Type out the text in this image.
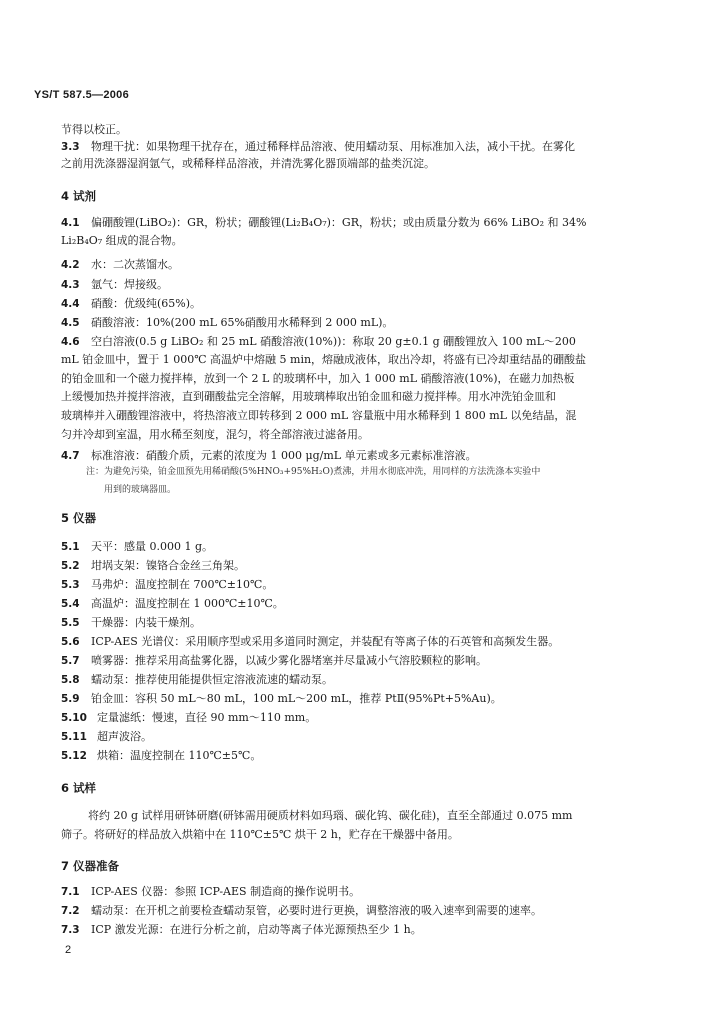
YS/T 587.5—2006
节得以校正。
3.3 物理干扰：如果物理干扰存在，通过稀释样品溶液、使用蠕动泵、用标准加入法，减小干扰。在雾化
之前用洗涤器湿润氩气，或稀释样品溶液，并清洗雾化器顶端部的盐类沉淀。
4 试剂
4.1 偏硼酸锂(LiBO₂)：GR，粉状；硼酸锂(Li₂B₄O₇)：GR，粉状；或由质量分数为 66% LiBO₂ 和 34%
Li₂B₄O₇ 组成的混合物。
4.2 水：二次蒸馏水。
4.3 氩气：焊接级。
4.4 硝酸：优级纯(65%)。
4.5 硝酸溶液：10%(200 mL 65%硝酸用水稀释到 2 000 mL)。
4.6 空白溶液(0.5 g LiBO₂ 和 25 mL 硝酸溶液(10%))：称取 20 g±0.1 g 硼酸锂放入 100 mL～200
mL 铂金皿中，置于 1 000℃ 高温炉中熔融 5 min，熔融成液体，取出冷却，将盛有已冷却重结晶的硼酸盐
的铂金皿和一个磁力搅拌棒，放到一个 2 L 的玻璃杯中，加入 1 000 mL 硝酸溶液(10%)，在磁力加热板
上缓慢加热并搅拌溶液，直到硼酸盐完全溶解，用玻璃棒取出铂金皿和磁力搅拌棒。用水冲洗铂金皿和
玻璃棒并入硼酸锂溶液中，将热溶液立即转移到 2 000 mL 容量瓶中用水稀释到 1 800 mL 以免结晶，混
匀并冷却到室温，用水稀至刻度，混匀，将全部溶液过滤备用。
4.7 标准溶液：硝酸介质，元素的浓度为 1 000 μg/mL 单元素或多元素标准溶液。
注：为避免污染，铂金皿预先用稀硝酸(5%HNO₃+95%H₂O)煮沸，并用水彻底冲洗，用同样的方法洗涤本实验中
用到的玻璃器皿。
5 仪器
5.1 天平：感量 0.000 1 g。
5.2 坩埚支架：镍铬合金丝三角架。
5.3 马弗炉：温度控制在 700℃±10℃。
5.4 高温炉：温度控制在 1 000℃±10℃。
5.5 干燥器：内装干燥剂。
5.6 ICP-AES 光谱仪：采用顺序型或采用多道同时测定，并装配有等离子体的石英管和高频发生器。
5.7 喷雾器：推荐采用高盐雾化器，以减少雾化器堵塞并尽量减小气溶胶颗粒的影响。
5.8 蠕动泵：推荐使用能提供恒定溶液流速的蠕动泵。
5.9 铂金皿：容积 50 mL～80 mL，100 mL～200 mL，推荐 PtⅡ(95%Pt+5%Au)。
5.10 定量滤纸：慢速，直径 90 mm～110 mm。
5.11 超声波浴。
5.12 烘箱：温度控制在 110℃±5℃。
6 试样
将约 20 g 试样用研钵研磨(研钵需用硬质材料如玛瑙、碳化钨、碳化硅)，直至全部通过 0.075 mm
筛子。将研好的样品放入烘箱中在 110℃±5℃ 烘干 2 h，贮存在干燥器中备用。
7 仪器准备
7.1 ICP-AES 仪器：参照 ICP-AES 制造商的操作说明书。
7.2 蠕动泵：在开机之前要检查蠕动泵管，必要时进行更换，调整溶液的吸入速率到需要的速率。
7.3 ICP 激发光源：在进行分析之前，启动等离子体光源预热至少 1 h。
2
